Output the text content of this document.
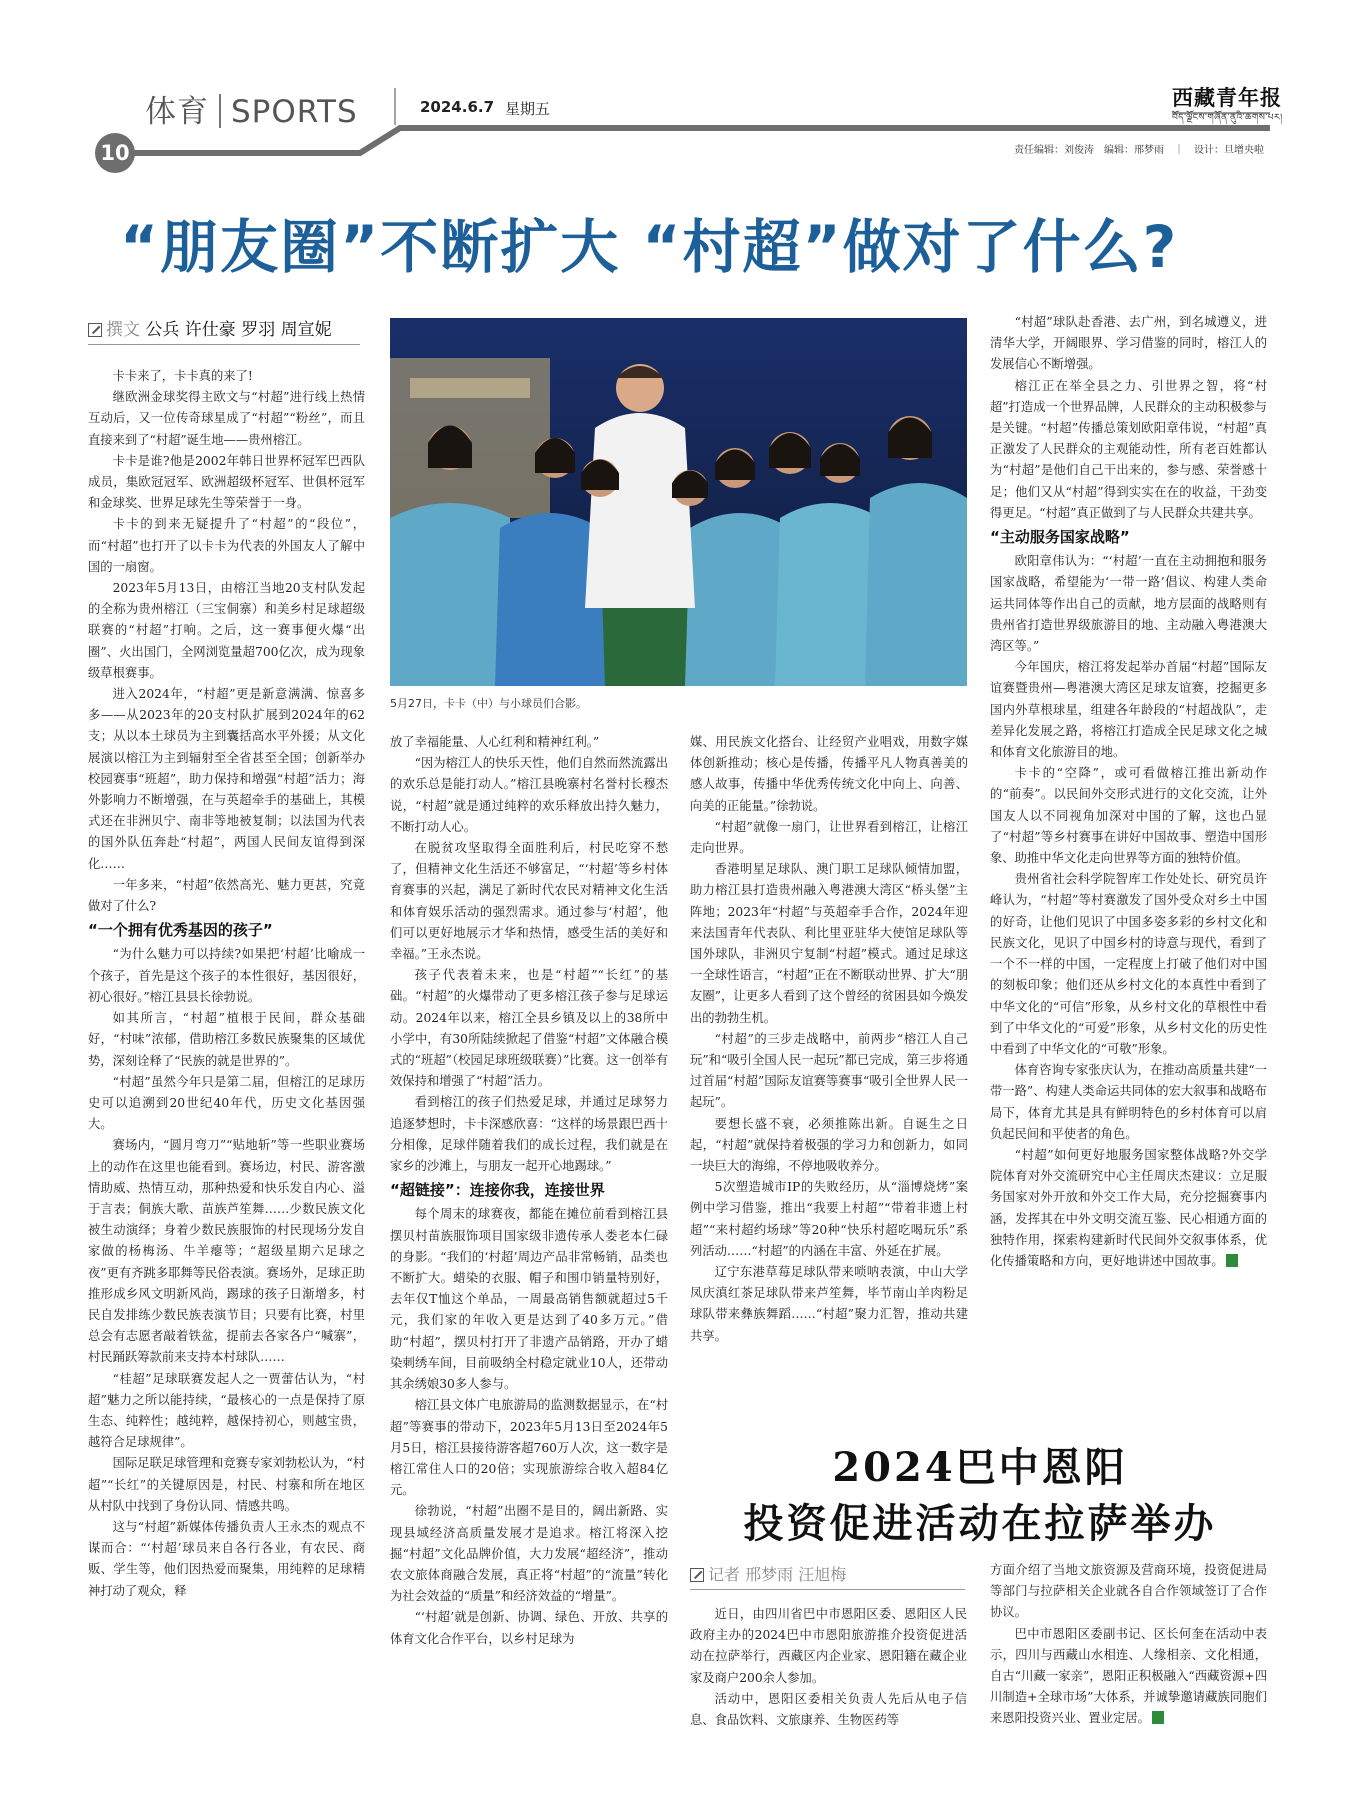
体育 SPORTS	2024.6.7 星期五	西藏青年报
བོད་ལྗོངས་གཞོན་ནུའི་ཚགས་པར།
10	责任编辑：刘俊涛　编辑：邢梦雨　｜　设计：旦增央啦
“朋友圈”不断扩大 “村超”做对了什么?
撰文 公兵 许仕豪 罗羽 周宣妮
5月27日，卡卡（中）与小球员们合影。

卡卡来了，卡卡真的来了!

继欧洲金球奖得主欧文与“村超”进行线上热情互动后，又一位传奇球星成了“村超”“粉丝”，而且直接来到了“村超”诞生地——贵州榕江。

卡卡是谁?他是2002年韩日世界杯冠军巴西队成员，集欧冠冠军、欧洲超级杯冠军、世俱杯冠军和金球奖、世界足球先生等荣誉于一身。

卡卡的到来无疑提升了“村超”的“段位”，而“村超”也打开了以卡卡为代表的外国友人了解中国的一扇窗。

2023年5月13日，由榕江当地20支村队发起的全称为贵州榕江（三宝侗寨）和美乡村足球超级联赛的“村超”打响。之后，这一赛事便火爆“出圈”、火出国门，全网浏览量超700亿次，成为现象级草根赛事。

进入2024年，“村超”更是新意满满、惊喜多多——从2023年的20支村队扩展到2024年的62支；从以本土球员为主到囊括高水平外援；从文化展演以榕江为主到辐射至全省甚至全国；创新举办校园赛事“班超”，助力保持和增强“村超”活力；海外影响力不断增强，在与英超牵手的基础上，其模式还在非洲贝宁、南非等地被复制；以法国为代表的国外队伍奔赴“村超”，两国人民间友谊得到深化……

一年多来，“村超”依然高光、魅力更甚，究竟做对了什么?

“一个拥有优秀基因的孩子”

“为什么魅力可以持续?如果把‘村超’比喻成一个孩子，首先是这个孩子的本性很好，基因很好，初心很好。”榕江县县长徐勃说。

如其所言，“村超”植根于民间，群众基础好，“村味”浓郁，借助榕江多数民族聚集的区域优势，深刻诠释了“民族的就是世界的”。

“村超”虽然今年只是第二届，但榕江的足球历史可以追溯到20世纪40年代，历史文化基因强大。

赛场内，“圆月弯刀”“贴地斩”等一些职业赛场上的动作在这里也能看到。赛场边，村民、游客激情助威、热情互动，那种热爱和快乐发自内心、溢于言表；侗族大歌、苗族芦笙舞……少数民族文化被生动演绎；身着少数民族服饰的村民现场分发自家做的杨梅汤、牛羊瘪等；“超级星期六足球之夜”更有齐跳多耶舞等民俗表演。赛场外，足球正助推形成乡风文明新风尚，踢球的孩子日渐增多，村民自发排练少数民族表演节目；只要有比赛，村里总会有志愿者敲着铁盆，提前去各家各户“喊寨”，村民踊跃筹款前来支持本村球队……

“桂超”足球联赛发起人之一贾蕾估认为，“村超”魅力之所以能持续，“最核心的一点是保持了原生态、纯粹性；越纯粹，越保持初心，则越宝贵，越符合足球规律”。

国际足联足球管理和竞赛专家刘勃松认为，“村超”“长红”的关键原因是，村民、村寨和所在地区从村队中找到了身份认同、情感共鸣。

这与“村超”新媒体传播负责人王永杰的观点不谋而合：“‘村超’球员来自各行各业，有农民、商贩、学生等，他们因热爱而聚集，用纯粹的足球精神打动了观众，释

放了幸福能量、人心红利和精神红利。”

“因为榕江人的快乐天性，他们自然而然流露出的欢乐总是能打动人。”榕江县晚寨村名誉村长穆杰说，“村超”就是通过纯粹的欢乐释放出持久魅力，不断打动人心。

在脱贫攻坚取得全面胜利后，村民吃穿不愁了，但精神文化生活还不够富足，“‘村超’等乡村体育赛事的兴起，满足了新时代农民对精神文化生活和体育娱乐活动的强烈需求。通过参与‘村超’，他们可以更好地展示才华和热情，感受生活的美好和幸福。”王永杰说。

孩子代表着未来，也是“村超”“长红”的基础。“村超”的火爆带动了更多榕江孩子参与足球运动。2024年以来，榕江全县乡镇及以上的38所中小学中，有30所陆续掀起了借鉴“村超”文体融合模式的“班超”（校园足球班级联赛）”比赛。这一创举有效保持和增强了“村超”活力。

看到榕江的孩子们热爱足球，并通过足球努力追逐梦想时，卡卡深感欣喜：“这样的场景跟巴西十分相像，足球伴随着我们的成长过程，我们就是在家乡的沙滩上，与朋友一起开心地踢球。”

“超链接”：连接你我，连接世界

每个周末的球赛夜，都能在摊位前看到榕江县摆贝村苗族服饰项目国家级非遗传承人娄老本仁碌的身影。“我们的‘村超’周边产品非常畅销，品类也不断扩大。蜡染的衣服、帽子和围巾销量特别好，去年仅T恤这个单品，一周最高销售额就超过5千元，我们家的年收入更是达到了40多万元。”借助“村超”，摆贝村打开了非遗产品销路，开办了蜡染刺绣车间，目前吸纳全村稳定就业10人，还带动其余绣娘30多人参与。

榕江县文体广电旅游局的监测数据显示，在“村超”等赛事的带动下，2023年5月13日至2024年5月5日，榕江县接待游客超760万人次，这一数字是榕江常住人口的20倍；实现旅游综合收入超84亿元。

徐勃说，“村超”出圈不是目的，阔出新路、实现县域经济高质量发展才是追求。榕江将深入挖掘“村超”文化品牌价值，大力发展“超经济”，推动农文旅体商融合发展，真正将“村超”的“流量”转化为社会效益的“质量”和经济效益的“增量”。

“‘村超’就是创新、协调、绿色、开放、共享的体育文化合作平台，以乡村足球为

媒、用民族文化搭台、让经贸产业唱戏，用数字媒体创新推动；核心是传播，传播平凡人物真善美的感人故事，传播中华优秀传统文化中向上、向善、向美的正能量。”徐勃说。

“村超”就像一扇门，让世界看到榕江，让榕江走向世界。

香港明星足球队、澳门职工足球队倾情加盟，助力榕江县打造贵州融入粤港澳大湾区“桥头堡”主阵地；2023年“村超”与英超牵手合作，2024年迎来法国青年代表队、利比里亚驻华大使馆足球队等国外球队，非洲贝宁复制“村超”模式。通过足球这一全球性语言，“村超”正在不断联动世界、扩大“朋友圈”，让更多人看到了这个曾经的贫困县如今焕发出的勃勃生机。

“村超”的三步走战略中，前两步“榕江人自己玩”和“吸引全国人民一起玩”都已完成，第三步将通过首届“村超”国际友谊赛等赛事“吸引全世界人民一起玩”。

要想长盛不衰，必须推陈出新。自诞生之日起，“村超”就保持着极强的学习力和创新力，如同一块巨大的海绵，不停地吸收养分。

5次塑造城市IP的失败经历，从“淄博烧烤”案例中学习借鉴，推出“我要上村超”“带着非遗上村超”“来村超约场球”等20种“快乐村超吃喝玩乐”系列活动……“村超”的内涵在丰富、外延在扩展。

辽宁东港草莓足球队带来唢呐表演，中山大学凤庆滇红茶足球队带来芦笙舞，毕节南山羊肉粉足球队带来彝族舞蹈……“村超”聚力汇智，推动共建共享。

“村超”球队赴香港、去广州，到名城遵义，进清华大学，开阔眼界、学习借鉴的同时，榕江人的发展信心不断增强。

榕江正在举全县之力、引世界之智，将“村超”打造成一个世界品牌，人民群众的主动积极参与是关键。“村超”传播总策划欧阳章伟说，“村超”真正激发了人民群众的主观能动性，所有老百姓都认为“村超”是他们自己干出来的，参与感、荣誉感十足；他们又从“村超”得到实实在在的收益，干劲变得更足。“村超”真正做到了与人民群众共建共享。

“主动服务国家战略”

欧阳章伟认为：“‘村超’一直在主动拥抱和服务国家战略，希望能为‘一带一路’倡议、构建人类命运共同体等作出自己的贡献，地方层面的战略则有贵州省打造世界级旅游目的地、主动融入粤港澳大湾区等。”

今年国庆，榕江将发起举办首届“村超”国际友谊赛暨贵州—粤港澳大湾区足球友谊赛，挖掘更多国内外草根球星，组建各年龄段的“村超战队”，走差异化发展之路，将榕江打造成全民足球文化之城和体育文化旅游目的地。

卡卡的“空降”，或可看做榕江推出新动作的“前奏”。以民间外交形式进行的文化交流，让外国友人以不同视角加深对中国的了解，这也凸显了“村超”等乡村赛事在讲好中国故事、塑造中国形象、助推中华文化走向世界等方面的独特价值。

贵州省社会科学院智库工作处处长、研究员许峰认为，“村超”等村赛激发了国外受众对乡土中国的好奇，让他们见识了中国多姿多彩的乡村文化和民族文化，见识了中国乡村的诗意与现代，看到了一个不一样的中国，一定程度上打破了他们对中国的刻板印象；他们还从乡村文化的本真性中看到了中华文化的“可信”形象，从乡村文化的草根性中看到了中华文化的“可爱”形象，从乡村文化的历史性中看到了中华文化的“可敬”形象。

体育咨询专家张庆认为，在推动高质量共建“一带一路”、构建人类命运共同体的宏大叙事和战略布局下，体育尤其是具有鲜明特色的乡村体育可以肩负起民间和平使者的角色。

“村超”如何更好地服务国家整体战略?外交学院体育对外交流研究中心主任周庆杰建议：立足服务国家对外开放和外交工作大局，充分挖掘赛事内涵，发挥其在中外文明交流互鉴、民心相通方面的独特作用，探索构建新时代民间外交叙事体系，优化传播策略和方向，更好地讲述中国故事。

2024巴中恩阳
投资促进活动在拉萨举办
记者 邢梦雨 汪旭梅

近日，由四川省巴中市恩阳区委、恩阳区人民政府主办的2024巴中市恩阳旅游推介投资促进活动在拉萨举行，西藏区内企业家、恩阳籍在藏企业家及商户200余人参加。

活动中，恩阳区委相关负责人先后从电子信息、食品饮料、文旅康养、生物医药等

方面介绍了当地文旅资源及营商环境，投资促进局等部门与拉萨相关企业就各自合作领域签订了合作协议。

巴中市恩阳区委副书记、区长何奎在活动中表示，四川与西藏山水相连、人缘相亲、文化相通，自古“川藏一家亲”，恩阳正积极融入“西藏资源+四川制造+全球市场”大体系，并诚挚邀请藏族同胞们来恩阳投资兴业、置业定居。
